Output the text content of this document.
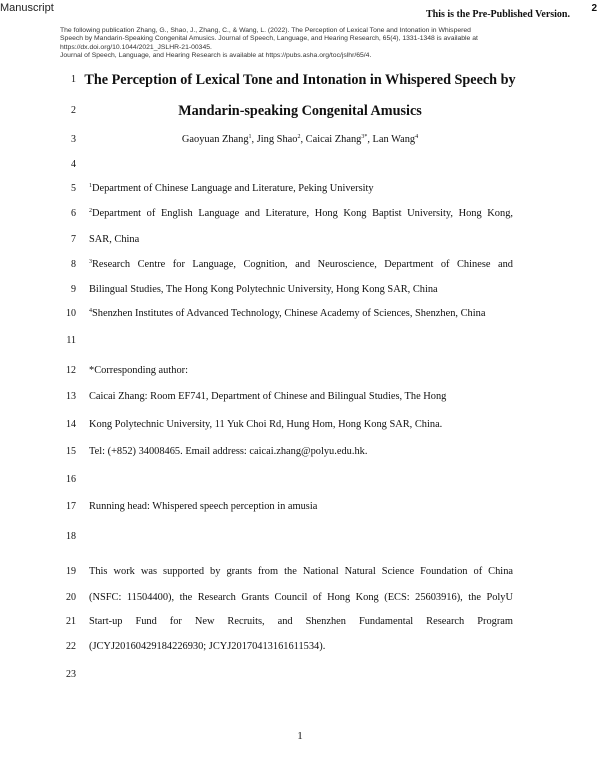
Manuscript
This is the Pre-Published Version.
2
The following publication Zhang, G., Shao, J., Zhang, C., & Wang, L. (2022). The Perception of Lexical Tone and Intonation in Whispered
Speech by Mandarin-Speaking Congenital Amusics. Journal of Speech, Language, and Hearing Research, 65(4), 1331-1348 is available at
https://dx.doi.org/10.1044/2021_JSLHR-21-00345.
Journal of Speech, Language, and Hearing Research is available at https://pubs.asha.org/toc/jslhr/65/4.
1 The Perception of Lexical Tone and Intonation in Whispered Speech by
2	Mandarin-speaking Congenital Amusics
3	Gaoyuan Zhang$^1$, Jing Shao$^2$, Caicai Zhang$^{3*}$, Lan Wang$^4$
4
5 $^1$Department of Chinese Language and Literature, Peking University
6 $^2$Department of English Language and Literature, Hong Kong Baptist University, Hong Kong,
7 SAR, China
8 $^3$Research Centre for Language, Cognition, and Neuroscience, Department of Chinese and
9 Bilingual Studies, The Hong Kong Polytechnic University, Hong Kong SAR, China
10 $^4$Shenzhen Institutes of Advanced Technology, Chinese Academy of Sciences, Shenzhen, China
11
12 *Corresponding author:
13 Caicai Zhang: Room EF741, Department of Chinese and Bilingual Studies, The Hong
14 Kong Polytechnic University, 11 Yuk Choi Rd, Hung Hom, Hong Kong SAR, China.
15 Tel: (+852) 34008465. Email address: caicai.zhang@polyu.edu.hk.
16
17 Running head: Whispered speech perception in amusia
18
19 This work was supported by grants from the National Natural Science Foundation of China
20 (NSFC: 11504400), the Research Grants Council of Hong Kong (ECS: 25603916), the PolyU
21 Start-up Fund for New Recruits, and Shenzhen Fundamental Research Program
22 (JCYJ20160429184226930; JCYJ20170413161611534).
23
1
